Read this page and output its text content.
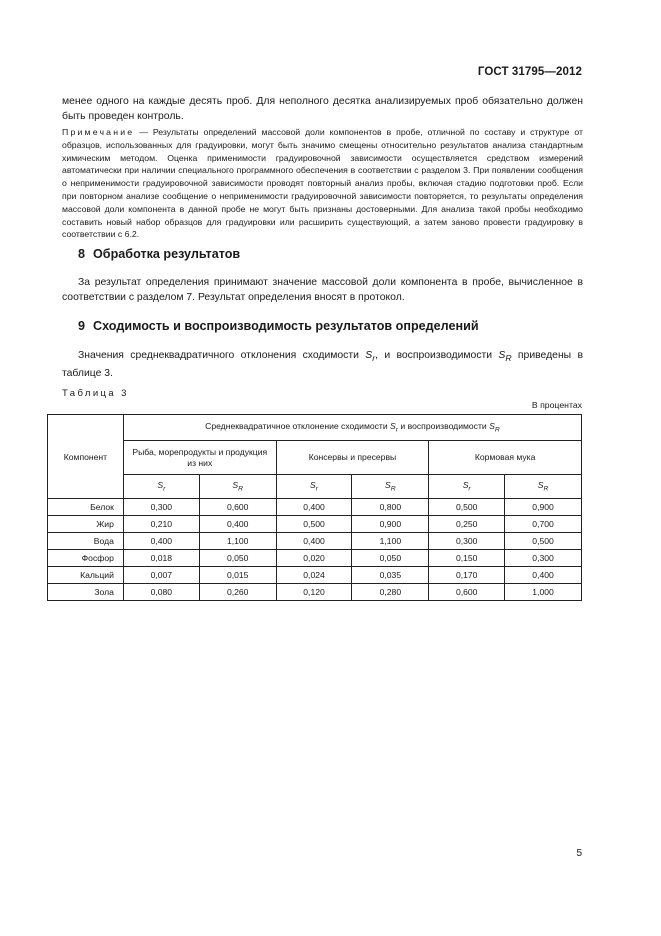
ГОСТ 31795—2012

менее одного на каждые десять проб. Для неполного десятка анализируемых проб обязательно должен быть проведен контроль.

Примечание — Результаты определений массовой доли компонентов в пробе, отличной по составу и структуре от образцов, использованных для градуировки, могут быть значимо смещены относительно результатов анализа стандартным химическим методом. Оценка применимости градуировочной зависимости осуществляется средством измерений автоматически при наличии специального программного обеспечения в соответствии с разделом 3. При появлении сообщения о неприменимости градуировочной зависимости проводят повторный анализ пробы, включая стадию подготовки проб. Если при повторном анализе сообщение о неприменимости градуировочной зависимости повторяется, то результаты определения массовой доли компонента в данной пробе не могут быть признаны достоверными. Для анализа такой пробы необходимо составить новый набор образцов для градуировки или расширить существующий, а затем заново провести градуировку в соответствии с 6.2.

8 Обработка результатов

За результат определения принимают значение массовой доли компонента в пробе, вычисленное в соответствии с разделом 7. Результат определения вносят в протокол.

9 Сходимость и воспроизводимость результатов определений

Значения среднеквадратичного отклонения сходимости $S_r$, и воспроизводимости $S_R$ приведены в таблице 3.

Таблица 3
В процентах
Компонент	Среднеквадратичное отклонение сходимости $S_r$ и воспроизводимости $S_R$
	Рыба, морепродукты и продукция из них		Консервы и пресервы		Кормовая мука	
	$S_r$	$S_R$	$S_r$	$S_R$	$S_r$	$S_R$
Белок	0,300	0,600	0,400	0,800	0,500	0,900
Жир	0,210	0,400	0,500	0,900	0,250	0,700
Вода	0,400	1,100	0,400	1,100	0,300	0,500
Фосфор	0,018	0,050	0,020	0,050	0,150	0,300
Кальций	0,007	0,015	0,024	0,035	0,170	0,400
Зола	0,080	0,260	0,120	0,280	0,600	1,000
5
